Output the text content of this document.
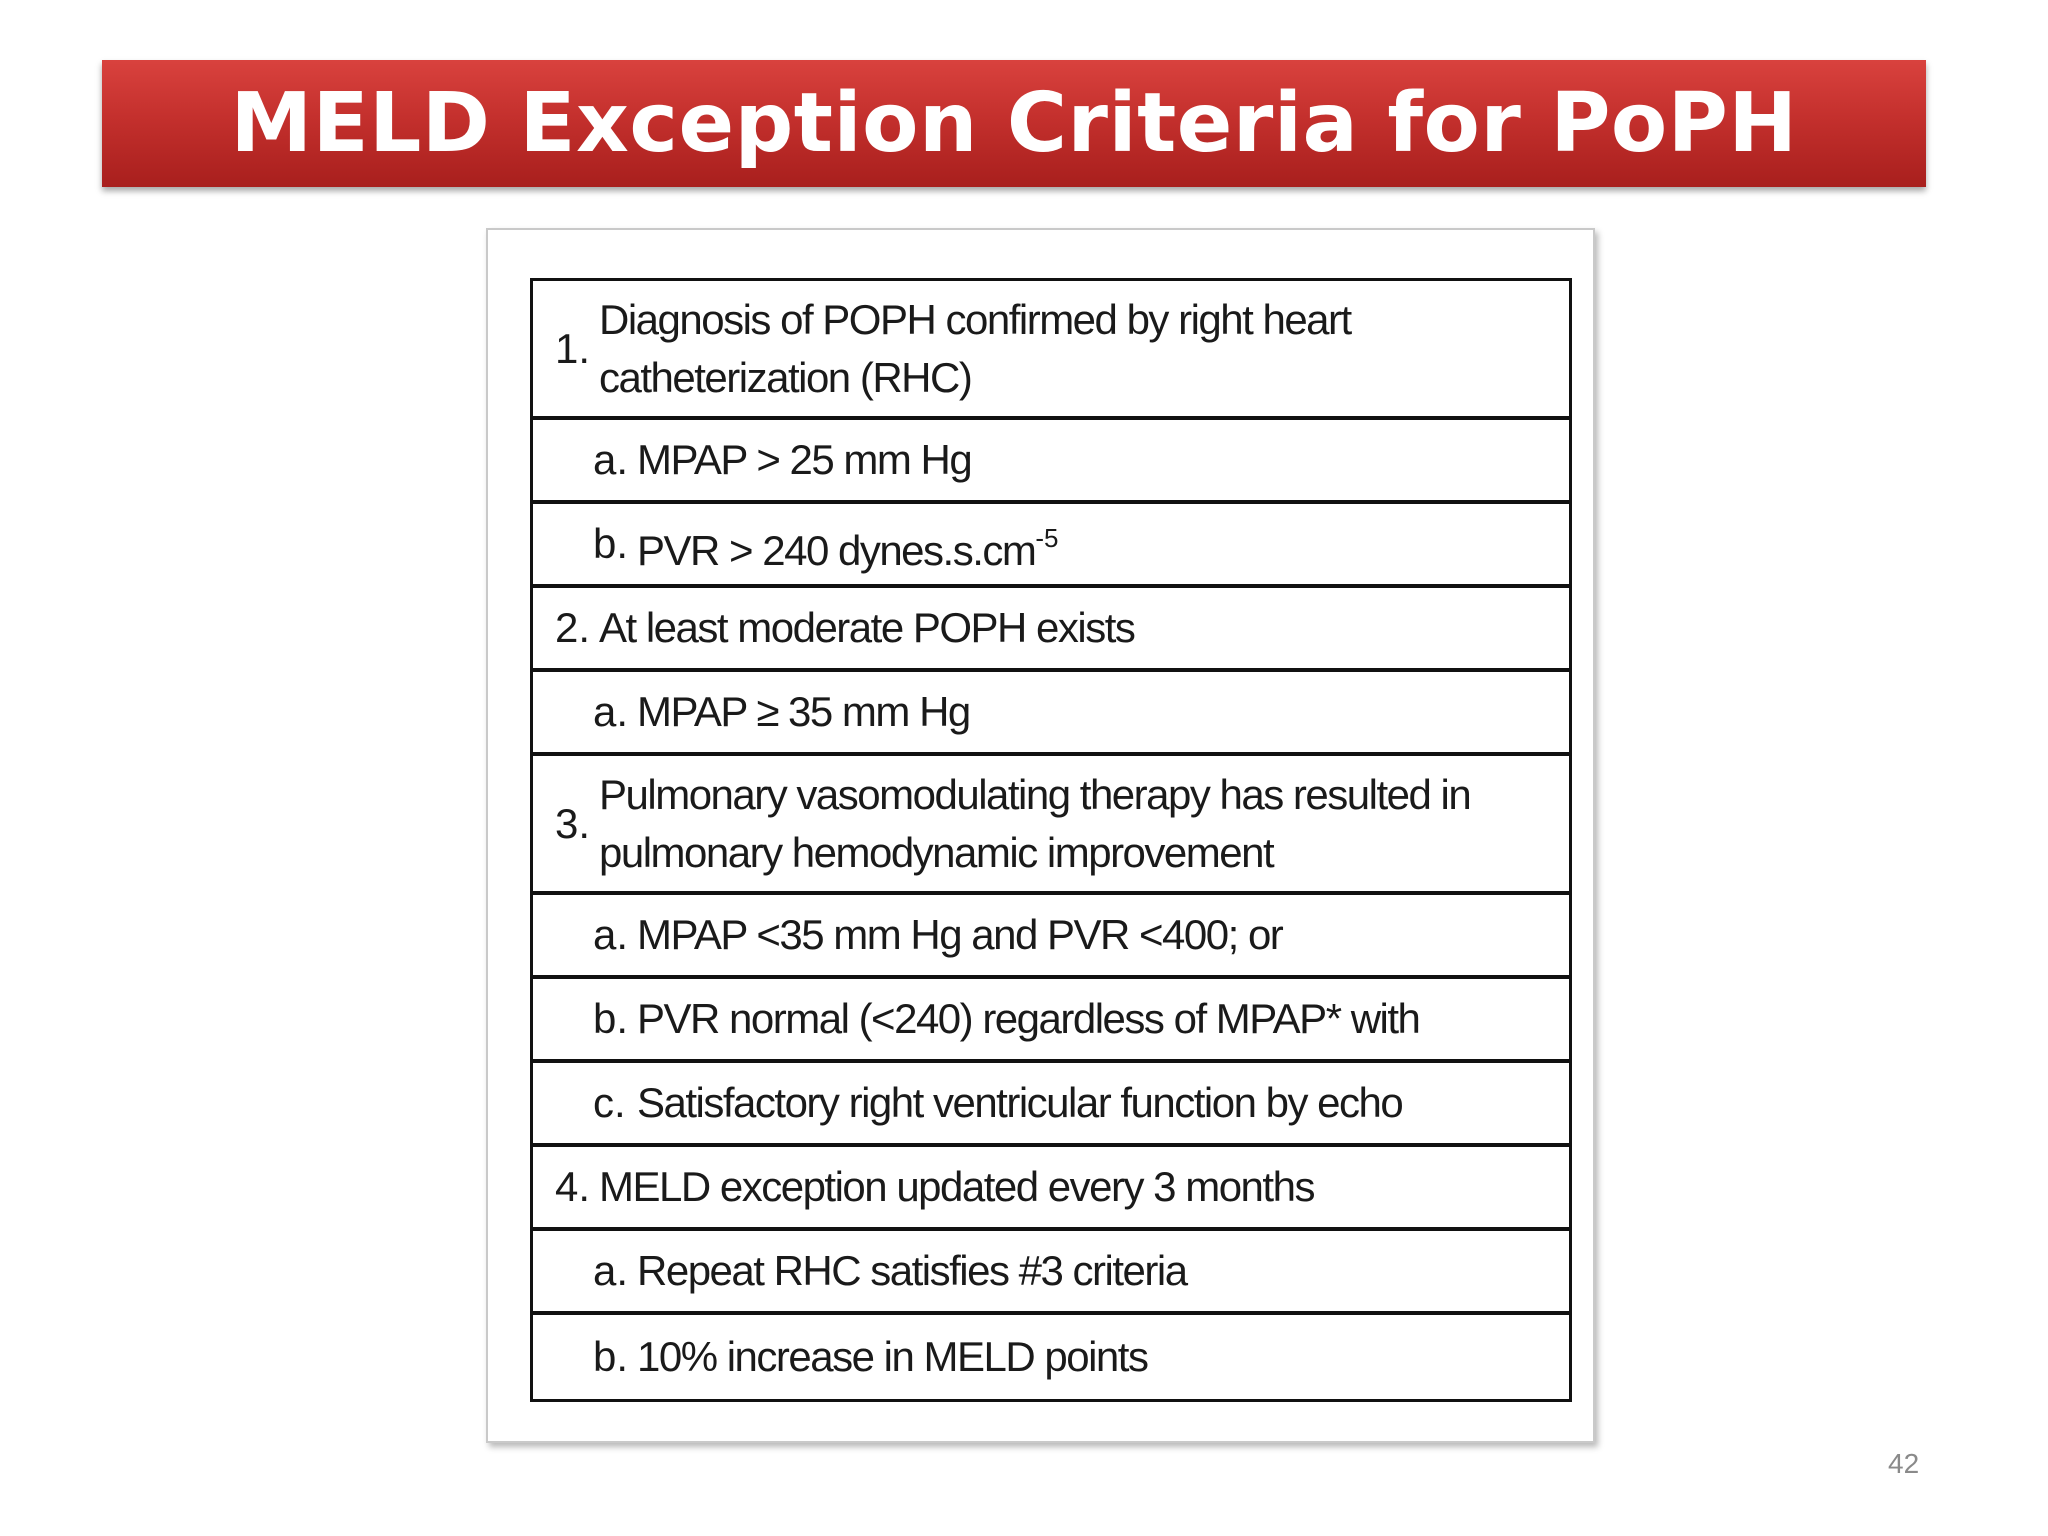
MELD Exception Criteria for PoPH
1.
Diagnosis of POPH confirmed by right heart catheterization (RHC)
a. MPAP > 25 mm Hg
b. PVR > 240 $dynes.s.cm^{-5}$
2. At least moderate POPH exists
a. MPAP ≥ 35 mm Hg
3.
Pulmonary vasomodulating therapy has resulted in pulmonary hemodynamic improvement
a. MPAP <35 mm Hg and PVR <400; or
b. PVR normal (<240) regardless of MPAP* with
c. Satisfactory right ventricular function by echo
4. MELD exception updated every 3 months
a. Repeat RHC satisfies #3 criteria
b. 10% increase in MELD points
42
